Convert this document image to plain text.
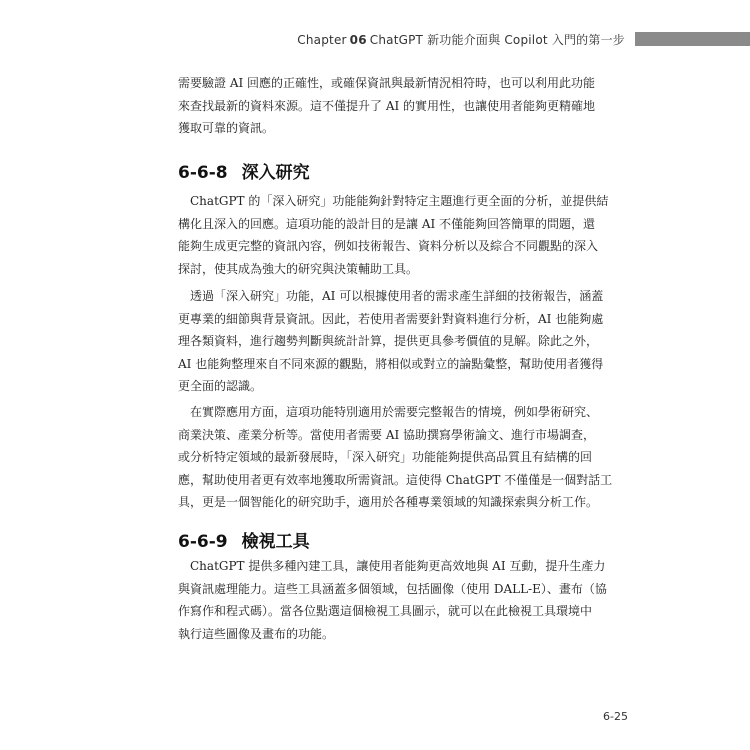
Chapter 06 ChatGPT 新功能介面與 Copilot 入門的第一步

需要驗證 AI 回應的正確性，或確保資訊與最新情況相符時，也可以利用此功能
來查找最新的資料來源。這不僅提升了 AI 的實用性，也讓使用者能夠更精確地
獲取可靠的資訊。

6-6-8 深入研究

ChatGPT 的「深入研究」功能能夠針對特定主題進行更全面的分析，並提供結
構化且深入的回應。這項功能的設計目的是讓 AI 不僅能夠回答簡單的問題，還
能夠生成更完整的資訊內容，例如技術報告、資料分析以及綜合不同觀點的深入
探討，使其成為強大的研究與決策輔助工具。

透過「深入研究」功能，AI 可以根據使用者的需求產生詳細的技術報告，涵蓋
更專業的細節與背景資訊。因此，若使用者需要針對資料進行分析，AI 也能夠處
理各類資料，進行趨勢判斷與統計計算，提供更具參考價值的見解。除此之外，
AI 也能夠整理來自不同來源的觀點，將相似或對立的論點彙整，幫助使用者獲得
更全面的認識。

在實際應用方面，這項功能特別適用於需要完整報告的情境，例如學術研究、
商業決策、產業分析等。當使用者需要 AI 協助撰寫學術論文、進行市場調查，
或分析特定領域的最新發展時，「深入研究」功能能夠提供高品質且有結構的回
應，幫助使用者更有效率地獲取所需資訊。這使得 ChatGPT 不僅僅是一個對話工
具，更是一個智能化的研究助手，適用於各種專業領域的知識探索與分析工作。

6-6-9 檢視工具

ChatGPT 提供多種內建工具，讓使用者能夠更高效地與 AI 互動，提升生產力
與資訊處理能力。這些工具涵蓋多個領域，包括圖像（使用 DALL-E）、畫布（協
作寫作和程式碼）。當各位點選這個檢視工具圖示，就可以在此檢視工具環境中
執行這些圖像及畫布的功能。

6-25
